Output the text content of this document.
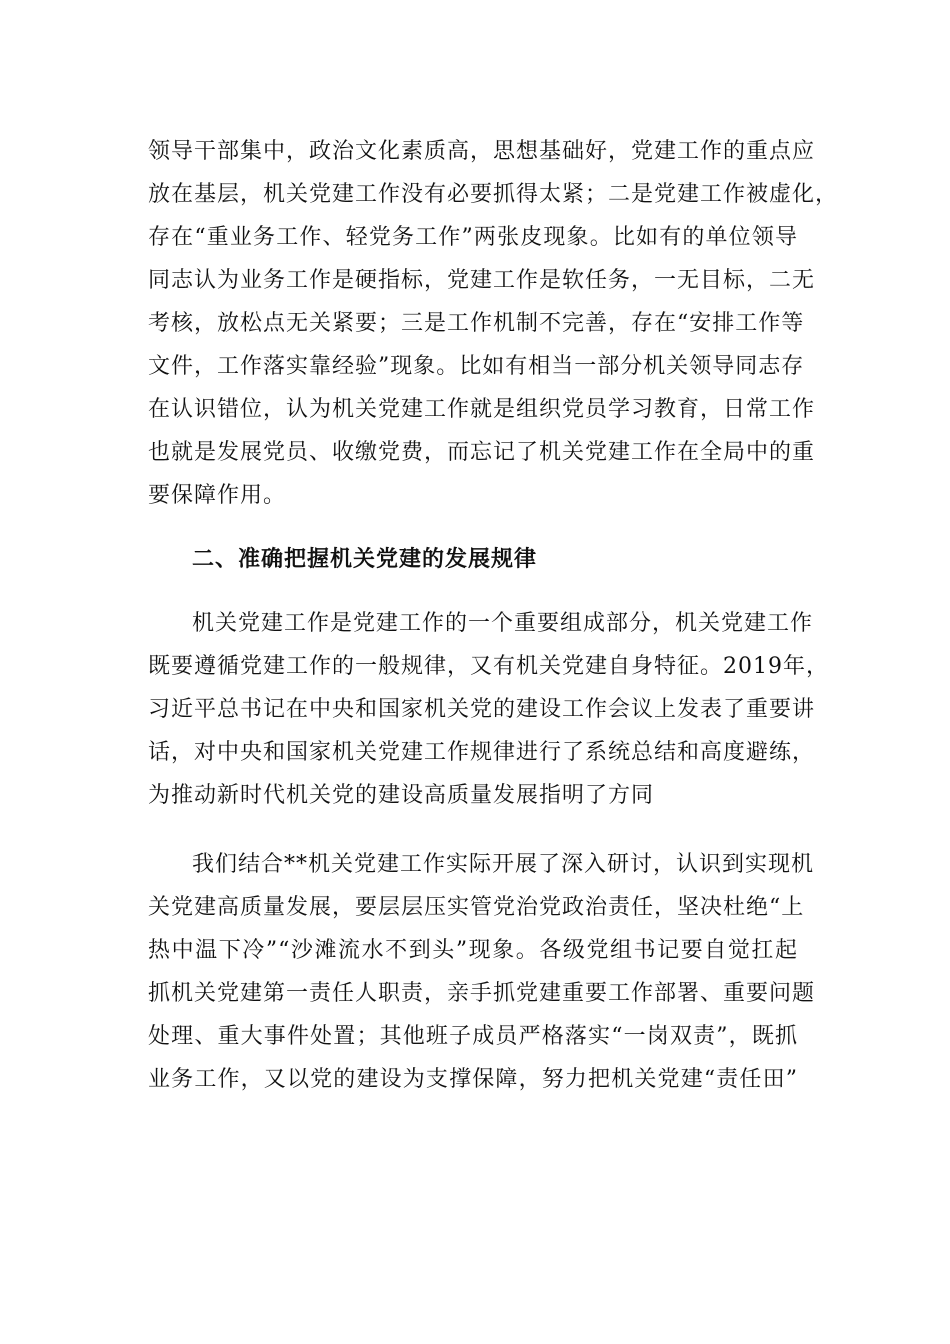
领导干部集中，政治文化素质高，思想基础好，党建工作的重点应
放在基层，机关党建工作没有必要抓得太紧；二是党建工作被虚化，
存在“重业务工作、轻党务工作”两张皮现象。比如有的单位领导
同志认为业务工作是硬指标，党建工作是软任务，一无目标，二无
考核，放松点无关紧要；三是工作机制不完善，存在“安排工作等
文件，工作落实靠经验”现象。比如有相当一部分机关领导同志存
在认识错位，认为机关党建工作就是组织党员学习教育，日常工作
也就是发展党员、收缴党费，而忘记了机关党建工作在全局中的重
要保障作用。
二、准确把握机关党建的发展规律
机关党建工作是党建工作的一个重要组成部分，机关党建工作
既要遵循党建工作的一般规律，又有机关党建自身特征。2019年，
习近平总书记在中央和国家机关党的建设工作会议上发表了重要讲
话，对中央和国家机关党建工作规律进行了系统总结和高度避练，
为推动新时代机关党的建设高质量发展指明了方同
我们结合**机关党建工作实际开展了深入研讨，认识到实现机
关党建高质量发展，要层层压实管党治党政治责任，坚决杜绝“上
热中温下冷”“沙滩流水不到头”现象。各级党组书记要自觉扛起
抓机关党建第一责任人职责，亲手抓党建重要工作部署、重要问题
处理、重大事件处置；其他班子成员严格落实“一岗双责”，既抓
业务工作，又以党的建设为支撑保障，努力把机关党建“责任田”
